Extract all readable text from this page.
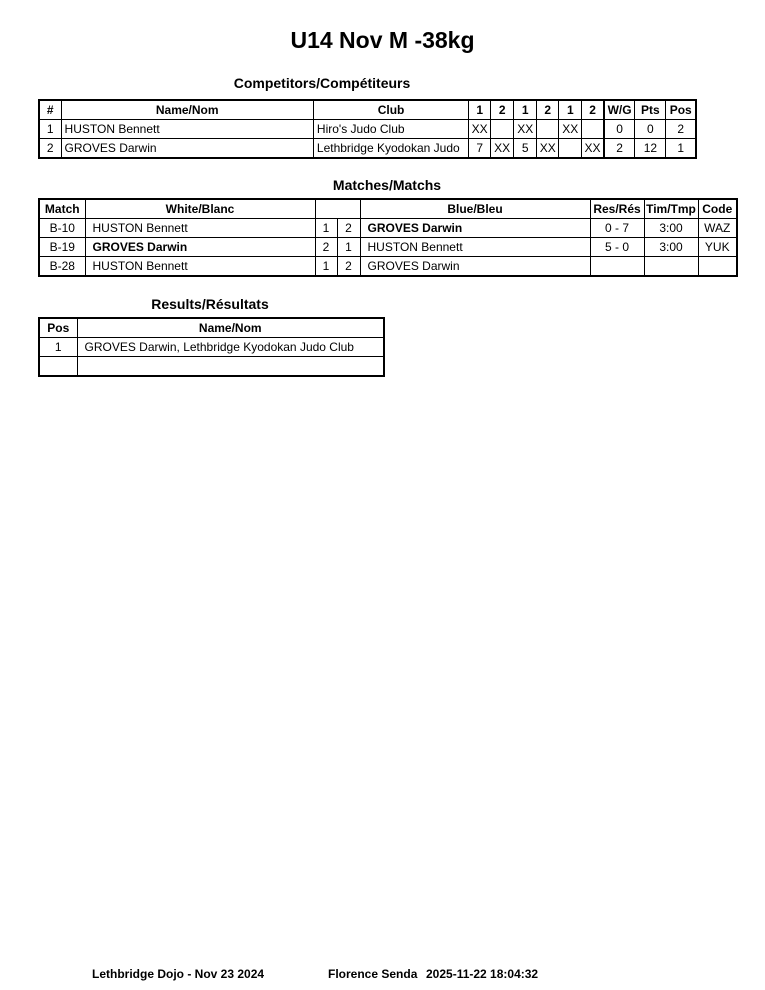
U14 Nov M -38kg
Competitors/Compétiteurs
#	Name/Nom	Club	1	2	1	2	1	2	W/G	Pts	Pos
1	HUSTON Bennett	Hiro's Judo Club	XX		XX		XX		0	0	2
2	GROVES Darwin	Lethbridge Kyodokan Judo	7	XX	5	XX		XX	2	12	1
Matches/Matchs
Match	White/Blanc			Blue/Bleu	Res/Rés	Tim/Tmp	Code
B-10	HUSTON Bennett	1	2	GROVES Darwin	0 - 7	3:00	WAZ
B-19	GROVES Darwin	2	1	HUSTON Bennett	5 - 0	3:00	YUK
B-28	HUSTON Bennett	1	2	GROVES Darwin			
Results/Résultats
Pos	Name/Nom
1	GROVES Darwin, Lethbridge Kyodokan Judo Club

Lethbridge Dojo - Nov 23 2024	Florence Senda 2025-11-22 18:04:32
